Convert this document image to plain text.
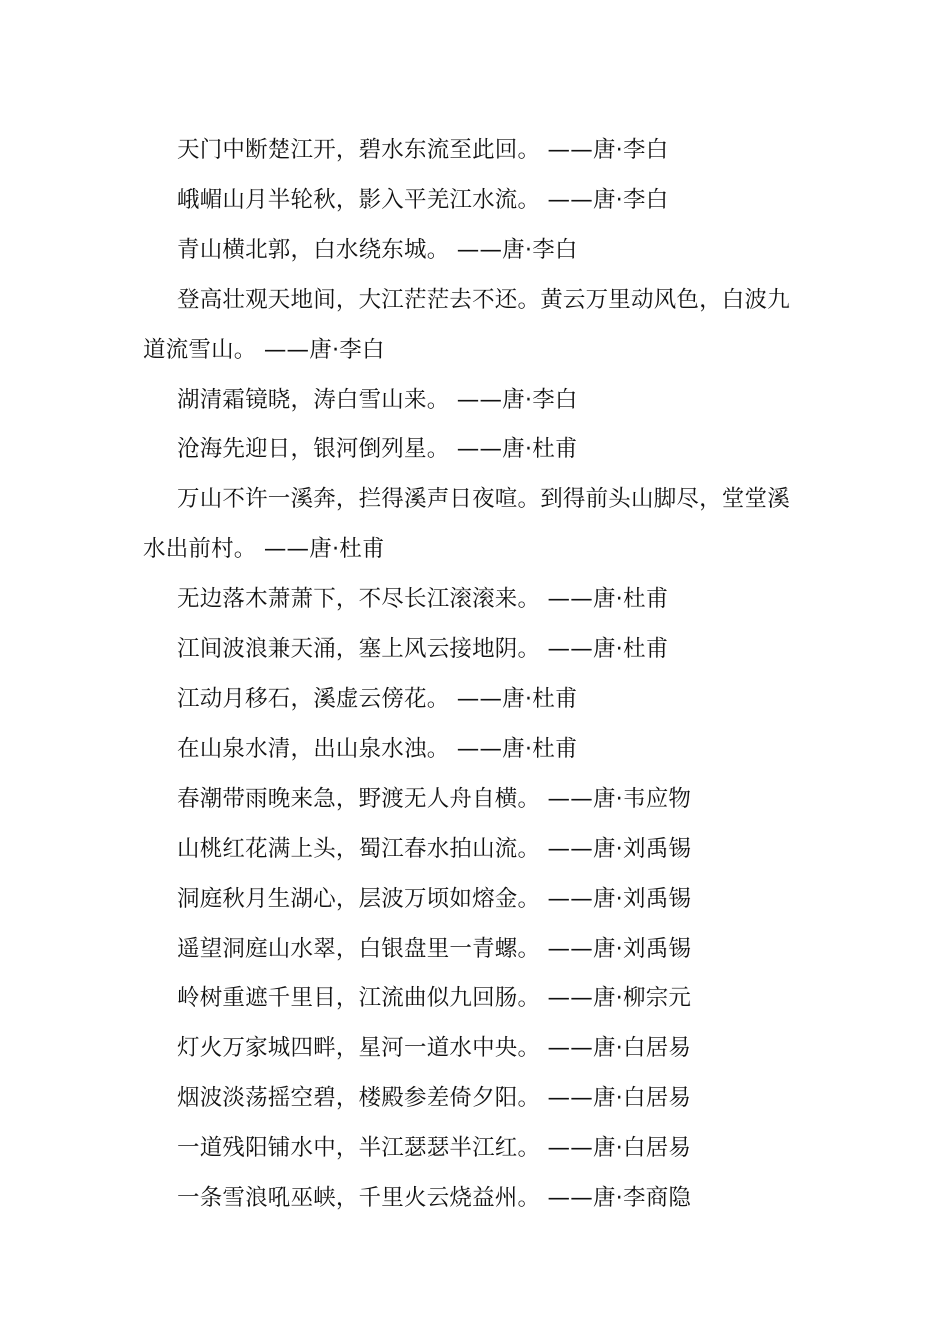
天门中断楚江开，碧水东流至此回。 ——唐·李白

峨嵋山月半轮秋，影入平羌江水流。 ——唐·李白

青山横北郭，白水绕东城。 ——唐·李白

登高壮观天地间，大江茫茫去不还。黄云万里动风色，白波九道流雪山。 ——唐·李白

湖清霜镜晓，涛白雪山来。 ——唐·李白

沧海先迎日，银河倒列星。 ——唐·杜甫

万山不许一溪奔，拦得溪声日夜喧。到得前头山脚尽，堂堂溪水出前村。 ——唐·杜甫

无边落木萧萧下，不尽长江滚滚来。 ——唐·杜甫

江间波浪兼天涌，塞上风云接地阴。 ——唐·杜甫

江动月移石，溪虚云傍花。 ——唐·杜甫

在山泉水清，出山泉水浊。 ——唐·杜甫

春潮带雨晚来急，野渡无人舟自横。 ——唐·韦应物

山桃红花满上头，蜀江春水拍山流。 ——唐·刘禹锡

洞庭秋月生湖心，层波万顷如熔金。 ——唐·刘禹锡

遥望洞庭山水翠，白银盘里一青螺。 ——唐·刘禹锡

岭树重遮千里目，江流曲似九回肠。 ——唐·柳宗元

灯火万家城四畔，星河一道水中央。 ——唐·白居易

烟波淡荡摇空碧，楼殿参差倚夕阳。 ——唐·白居易

一道残阳铺水中，半江瑟瑟半江红。 ——唐·白居易

一条雪浪吼巫峡，千里火云烧益州。 ——唐·李商隐
